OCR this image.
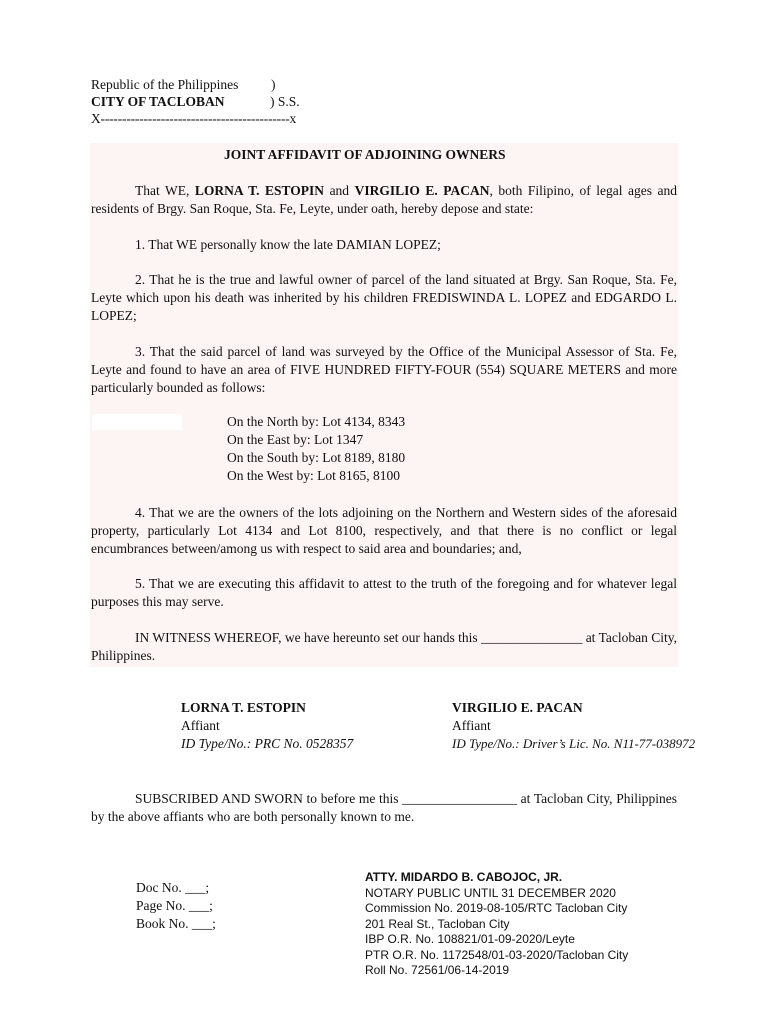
Republic of the Philippines )
CITY OF TACLOBAN	) S.S.
X--------------------------------------------x
JOINT AFFIDAVIT OF ADJOINING OWNERS

That WE, LORNA T. ESTOPIN and VIRGILIO E. PACAN, both Filipino, of legal ages and residents of Brgy. San Roque, Sta. Fe, Leyte, under oath, hereby depose and state:

1. That WE personally know the late DAMIAN LOPEZ;

2. That he is the true and lawful owner of parcel of the land situated at Brgy. San Roque, Sta. Fe, Leyte which upon his death was inherited by his children FREDISWINDA L. LOPEZ and EDGARDO L. LOPEZ;

3. That the said parcel of land was surveyed by the Office of the Municipal Assessor of Sta. Fe, Leyte and found to have an area of FIVE HUNDRED FIFTY-FOUR (554) SQUARE METERS and more particularly bounded as follows:

On the North by: Lot 4134, 8343
On the East by: Lot 1347
On the South by: Lot 8189, 8180
On the West by: Lot 8165, 8100

4. That we are the owners of the lots adjoining on the Northern and Western sides of the aforesaid property, particularly Lot 4134 and Lot 8100, respectively, and that there is no conflict or legal encumbrances between/among us with respect to said area and boundaries; and,

5. That we are executing this affidavit to attest to the truth of the foregoing and for whatever legal purposes this may serve.

IN WITNESS WHEREOF, we have hereunto set our hands this _______________ at Tacloban City, Philippines.

LORNA T. ESTOPIN
Affiant
ID Type/No.: PRC No. 0528357
VIRGILIO E. PACAN
Affiant
ID Type/No.: Driver’s Lic. No. N11-77-038972

SUBSCRIBED AND SWORN to before me this _________________ at Tacloban City, Philippines by the above affiants who are both personally known to me.

Doc No. ___;
Page No. ___;
Book No. ___;
ATTY. MIDARDO B. CABOJOC, JR.
NOTARY PUBLIC UNTIL 31 DECEMBER 2020
Commission No. 2019-08-105/RTC Tacloban City
201 Real St., Tacloban City
IBP O.R. No. 108821/01-09-2020/Leyte
PTR O.R. No. 1172548/01-03-2020/Tacloban City
Roll No. 72561/06-14-2019
